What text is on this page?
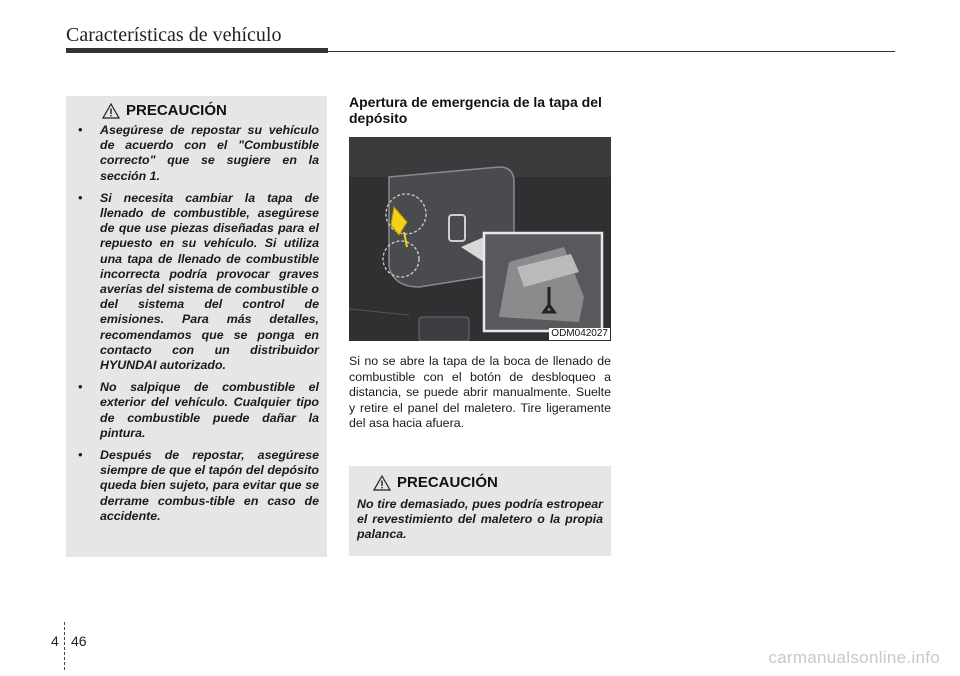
Características de vehículo
PRECAUCIÓN
• Asegúrese de repostar su vehículo de acuerdo con el "Combustible correcto" que se sugiere en la sección 1.
• Si necesita cambiar la tapa de llenado de combustible, asegúrese de que use piezas diseñadas para el repuesto en su vehículo. Si utiliza una tapa de llenado de combustible incorrecta podría provocar graves averías del sistema de combustible o del sistema del control de emisiones. Para más detalles, recomendamos que se ponga en contacto con un distribuidor HYUNDAI autorizado.
• No salpique de combustible el exterior del vehículo. Cualquier tipo de combustible puede dañar la pintura.
• Después de repostar, asegúrese siempre de que el tapón del depósito queda bien sujeto, para evitar que se derrame combus-tible en caso de accidente.
Apertura de emergencia de la tapa del depósito
ODM042027
Si no se abre la tapa de la boca de llenado de combustible con el botón de desbloqueo a distancia, se puede abrir manualmente. Suelte y retire el panel del maletero. Tire ligeramente del asa hacia afuera.
PRECAUCIÓN
No tire demasiado, pues podría estropear el revestimiento del maletero o la propia palanca.
4 46
carmanualsonline.info
